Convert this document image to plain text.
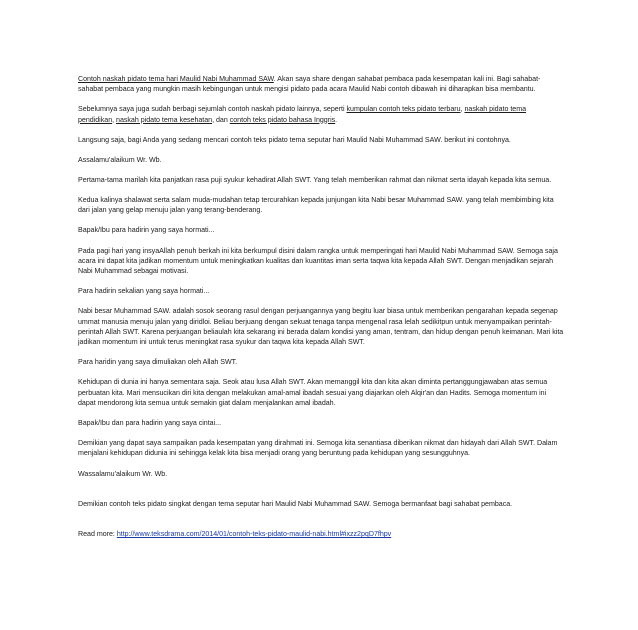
Contoh naskah pidato tema hari Maulid Nabi Muhammad SAW. Akan saya share dengan sahabat pembaca pada kesempatan kali ini. Bagi sahabat-sahabat pembaca yang mungkin masih kebingungan untuk mengisi pidato pada acara Maulid Nabi contoh dibawah ini diharapkan bisa membantu.

Sebelumnya saya juga sudah berbagi sejumlah contoh naskah pidato lainnya, seperti kumpulan contoh teks pidato terbaru, naskah pidato tema pendidikan, naskah pidato tema kesehatan, dan contoh teks pidato bahasa Inggris.

Langsung saja, bagi Anda yang sedang mencari contoh teks pidato tema seputar hari Maulid Nabi Muhammad SAW. berikut ini contohnya.

Assalamu'alaikum Wr. Wb.

Pertama-tama marilah kita panjatkan rasa puji syukur kehadirat Allah SWT. Yang telah memberikan rahmat dan nikmat serta idayah kepada kita semua.

Kedua kalinya shalawat serta salam muda-mudahan tetap tercurahkan kepada junjungan kita Nabi besar Muhammad SAW. yang telah membimbing kita dari jalan yang gelap menuju jalan yang terang-benderang.

Bapak/Ibu para hadirin yang saya hormati...

Pada pagi hari yang insyaAllah penuh berkah ini kita berkumpul disini dalam rangka untuk memperingati hari Maulid Nabi Muhammad SAW. Semoga saja acara ini dapat kita jadikan momentum untuk meningkatkan kualitas dan kuantitas iman serta taqwa kita kepada Allah SWT. Dengan menjadikan sejarah Nabi Muhammad sebagai motivasi.

Para hadirin sekalian yang saya hormati...

Nabi besar Muhammad SAW. adalah sosok seorang rasul dengan perjuangannya yang begitu luar biasa untuk memberikan pengarahan kepada segenap ummat manusia menuju jalan yang diridloi. Beliau berjuang dengan sekuat tenaga tanpa mengenal rasa lelah sedikitpun untuk menyampaikan perintah-perintah Allah SWT. Karena perjuangan beliaulah kita sekarang ini berada dalam kondisi yang aman, tentram, dan hidup dengan penuh keimanan. Mari kita jadikan momentum ini untuk terus meningkat rasa syukur dan taqwa kita kepada Allah SWT.

Para haridin yang saya dimuliakan oleh Allah SWT.

Kehidupan di dunia ini hanya sementara saja. Seok atau lusa Allah SWT. Akan memanggil kita dan kita akan diminta pertanggungjawaban atas semua perbuatan kita. Mari mensucikan diri kita dengan melakukan amal-amal ibadah sesuai yang diajarkan oleh Alqir'an dan Hadits. Semoga momentum ini dapat mendorong kita semua untuk semakin giat dalam menjalankan amal ibadah.

Bapak/Ibu dan para hadirin yang saya cintai...

Demikian yang dapat saya sampaikan pada kesempatan yang dirahmati ini. Semoga kita senantiasa diberikan nikmat dan hidayah dari Allah SWT. Dalam menjalani kehidupan didunia ini sehingga kelak kita bisa menjadi orang yang beruntung pada kehidupan yang sesungguhnya.

Wassalamu'alaikum Wr. Wb.

Demikian contoh teks pidato singkat dengan tema seputar hari Maulid Nabi Muhammad SAW. Semoga bermanfaat bagi sahabat pembaca.

Read more: http://www.teksdrama.com/2014/01/contoh-teks-pidato-maulid-nabi.html#ixzz2pqD7fhpv
